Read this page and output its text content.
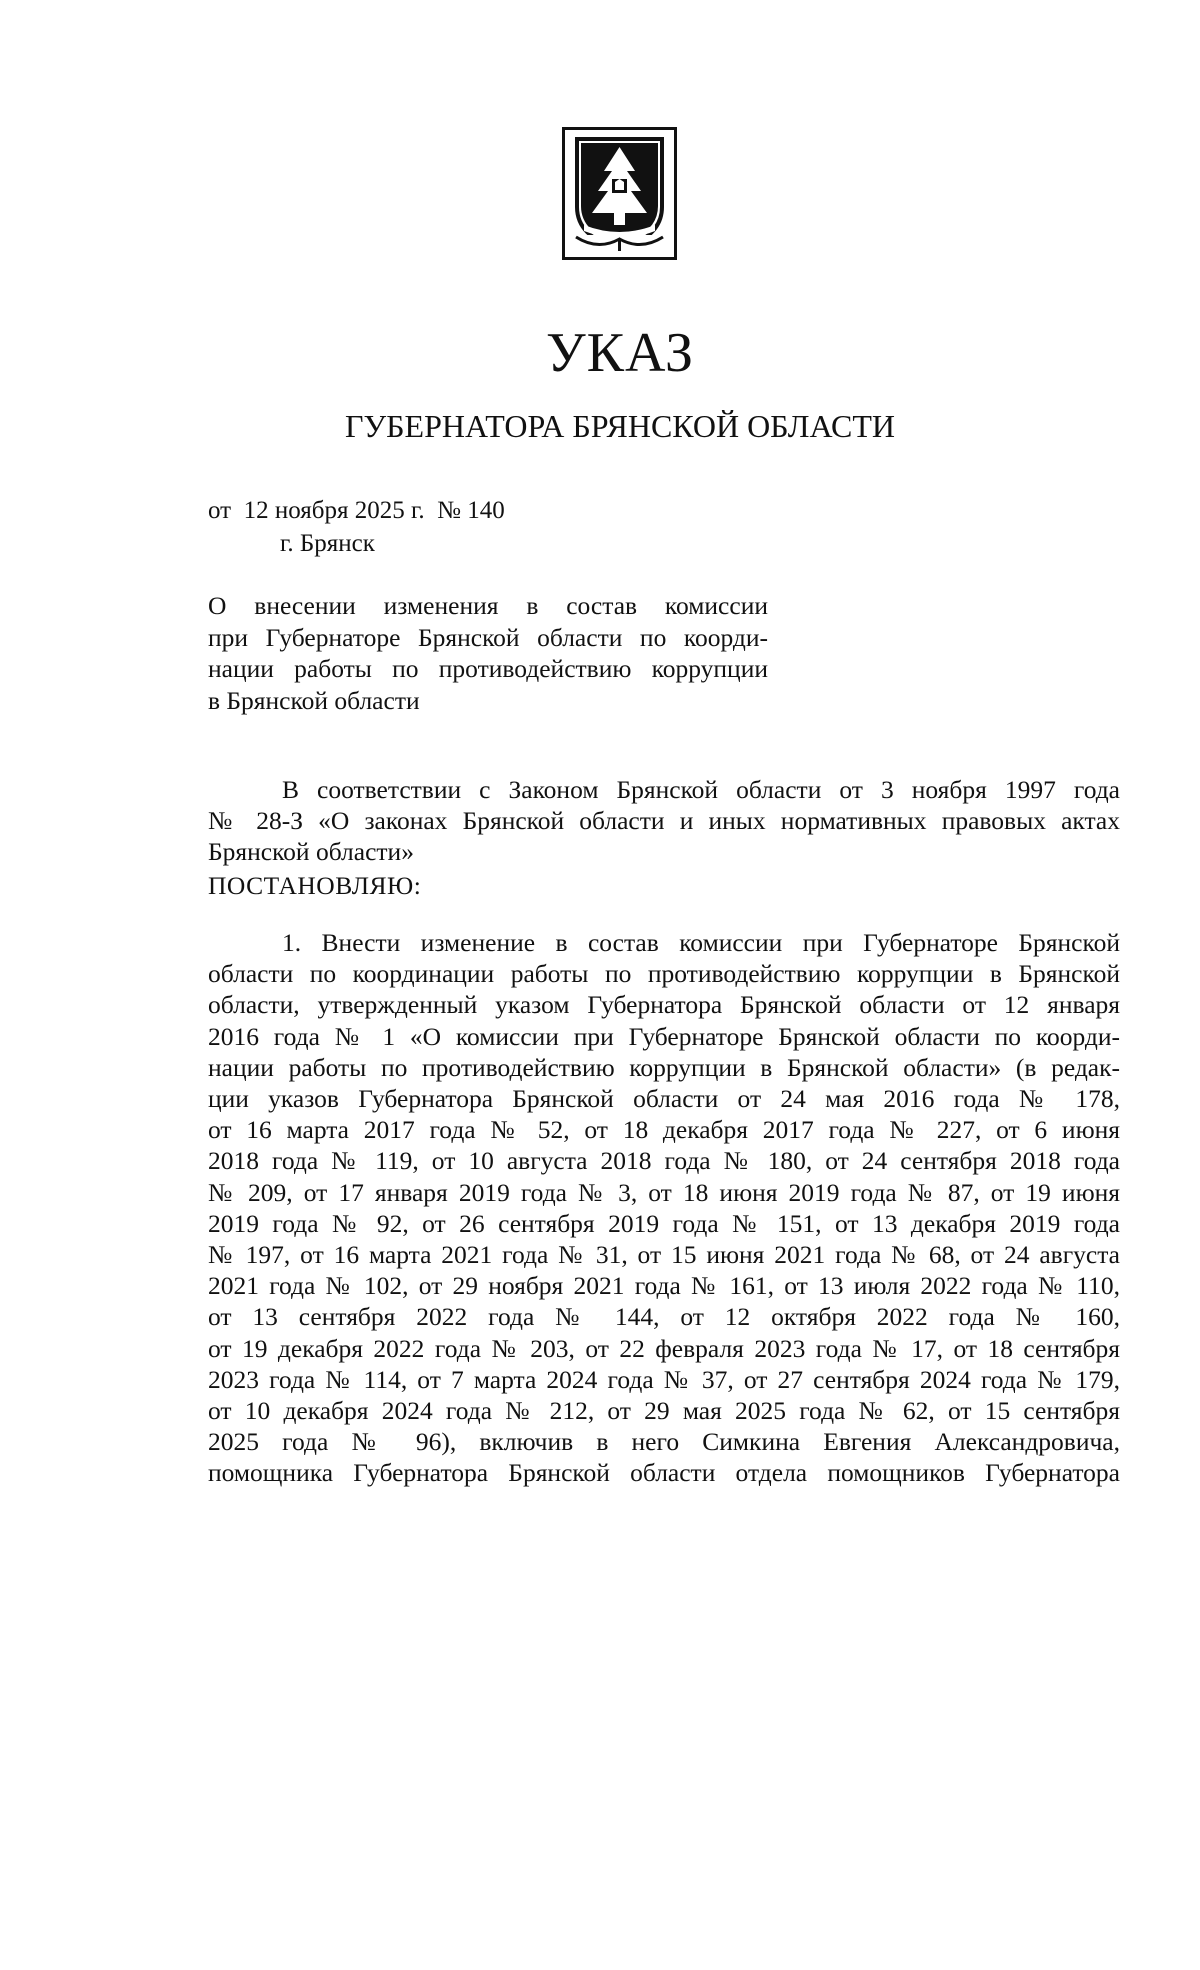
УКАЗ
ГУБЕРНАТОРА БРЯНСКОЙ ОБЛАСТИ
от  12 ноября 2025 г.  № 140
г. Брянск
О внесении изменения в состав комиссии
при Губернаторе Брянской области по коорди-
нации работы по противодействию коррупции
в Брянской области
В соответствии с Законом Брянской области от 3 ноября 1997 года
№ 28-З «О законах Брянской области и иных нормативных правовых актах
Брянской области»
ПОСТАНОВЛЯЮ:
1. Внести изменение в состав комиссии при Губернаторе Брянской
области по координации работы по противодействию коррупции в Брянской
области, утвержденный указом Губернатора Брянской области от 12 января
2016 года № 1 «О комиссии при Губернаторе Брянской области по коорди-
нации работы по противодействию коррупции в Брянской области» (в редак-
ции указов Губернатора Брянской области от 24 мая 2016 года № 178,
от 16 марта 2017 года № 52, от 18 декабря 2017 года № 227, от 6 июня
2018 года № 119, от 10 августа 2018 года № 180, от 24 сентября 2018 года
№ 209, от 17 января 2019 года № 3, от 18 июня 2019 года № 87, от 19 июня
2019 года № 92, от 26 сентября 2019 года № 151, от 13 декабря 2019 года
№ 197, от 16 марта 2021 года № 31, от 15 июня 2021 года № 68, от 24 августа
2021 года № 102, от 29 ноября 2021 года № 161, от 13 июля 2022 года № 110,
от 13 сентября 2022 года № 144, от 12 октября 2022 года № 160,
от 19 декабря 2022 года № 203, от 22 февраля 2023 года № 17, от 18 сентября
2023 года № 114, от 7 марта 2024 года № 37, от 27 сентября 2024 года № 179,
от 10 декабря 2024 года № 212, от 29 мая 2025 года № 62, от 15 сентября
2025 года № 96), включив в него Симкина Евгения Александровича,
помощника Губернатора Брянской области отдела помощников Губернатора
